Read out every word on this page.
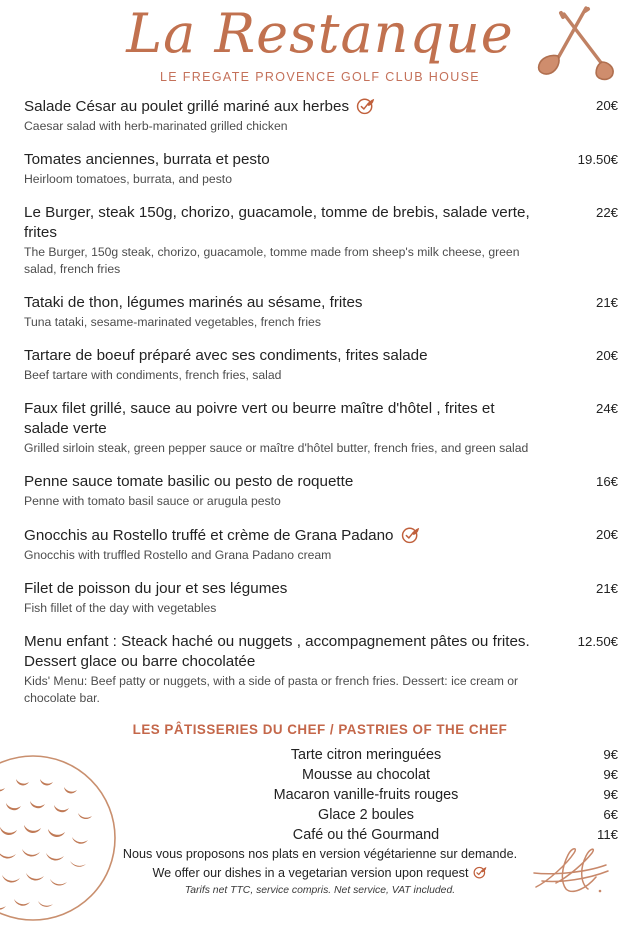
La Restanque
LE FREGATE PROVENCE GOLF CLUB HOUSE
Salade César au poulet grillé mariné aux herbes
Caesar salad with herb-marinated grilled chicken
20€
Tomates anciennes, burrata et pesto
Heirloom tomatoes, burrata, and pesto
19.50€
Le Burger, steak 150g, chorizo, guacamole, tomme de brebis, salade verte, frites
The Burger, 150g steak, chorizo, guacamole, tomme made from sheep's milk cheese, green salad, french fries
22€
Tataki de thon, légumes marinés au sésame, frites
Tuna tataki, sesame-marinated vegetables, french fries
21€
Tartare de boeuf préparé avec ses condiments, frites salade
Beef tartare with condiments, french fries, salad
20€
Faux filet grillé, sauce au poivre vert ou beurre maître d'hôtel , frites et salade verte
Grilled sirloin steak, green pepper sauce or maître d'hôtel butter, french fries, and green salad
24€
Penne sauce tomate basilic ou pesto de roquette
Penne with tomato basil sauce or arugula pesto
16€
Gnocchis au Rostello truffé et crème de Grana Padano
Gnocchis with truffled Rostello and Grana Padano cream
20€
Filet de poisson du jour et ses légumes
Fish fillet of the day with vegetables
21€
Menu enfant : Steack haché ou nuggets , accompagnement pâtes ou frites. Dessert glace ou barre chocolatée
Kids' Menu: Beef patty or nuggets, with a side of pasta or french fries. Dessert: ice cream or chocolate bar.
12.50€
LES PÂTISSERIES DU CHEF / PASTRIES OF THE CHEF
Tarte citron meringuées	9€
Mousse au chocolat	9€
Macaron vanille-fruits rouges	9€
Glace 2 boules	6€
Café ou thé Gourmand	11€
Nous vous proposons nos plats en version végétarienne sur demande.
We offer our dishes in a vegetarian version upon request
Tarifs net TTC, service compris. Net service, VAT included.
